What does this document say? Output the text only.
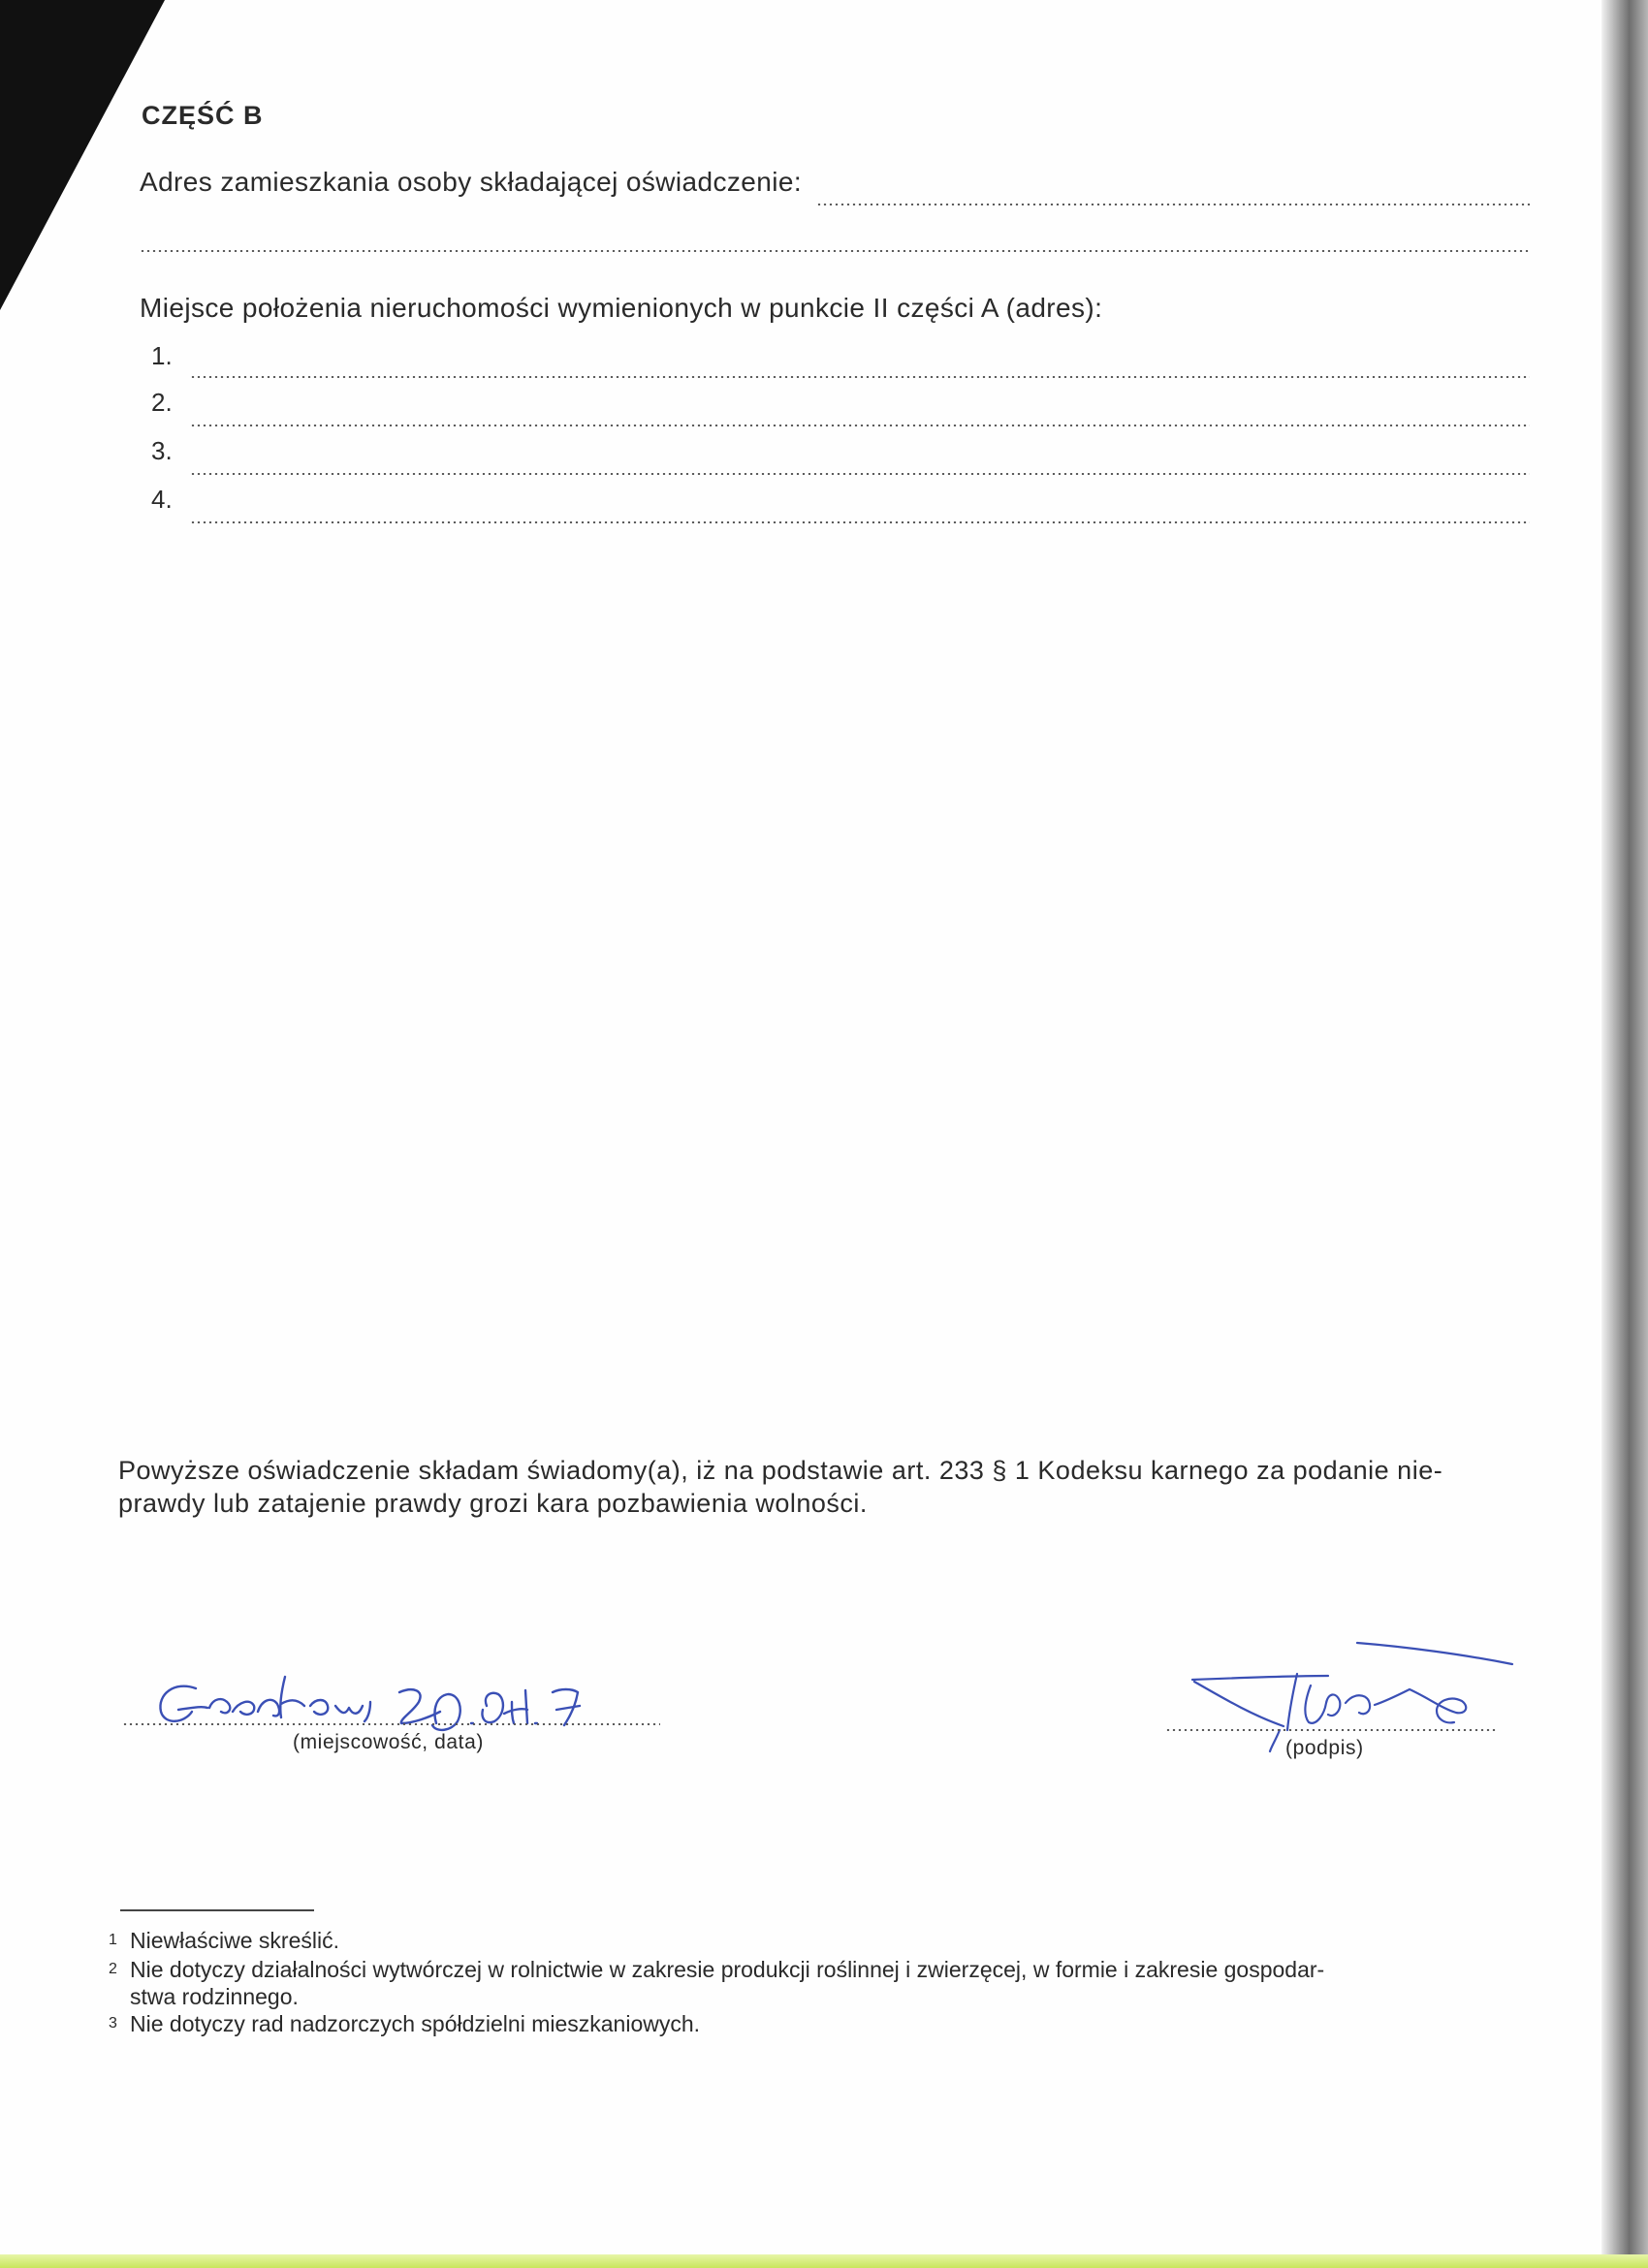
CZĘŚĆ B
Adres zamieszkania osoby składającej oświadczenie:
Miejsce położenia nieruchomości wymienionych w punkcie II części A (adres):
1.
2.
3.
4.
Powyższe oświadczenie składam świadomy(a), iż na podstawie art. 233 § 1 Kodeksu karnego za podanie nie-
prawdy lub zatajenie prawdy grozi kara pozbawienia wolności.
(miejscowość, data)	(podpis)
1 Niewłaściwe skreślić.
2 Nie dotyczy działalności wytwórczej w rolnictwie w zakresie produkcji roślinnej i zwierzęcej, w formie i zakresie gospodar-
stwa rodzinnego.
3 Nie dotyczy rad nadzorczych spółdzielni mieszkaniowych.
